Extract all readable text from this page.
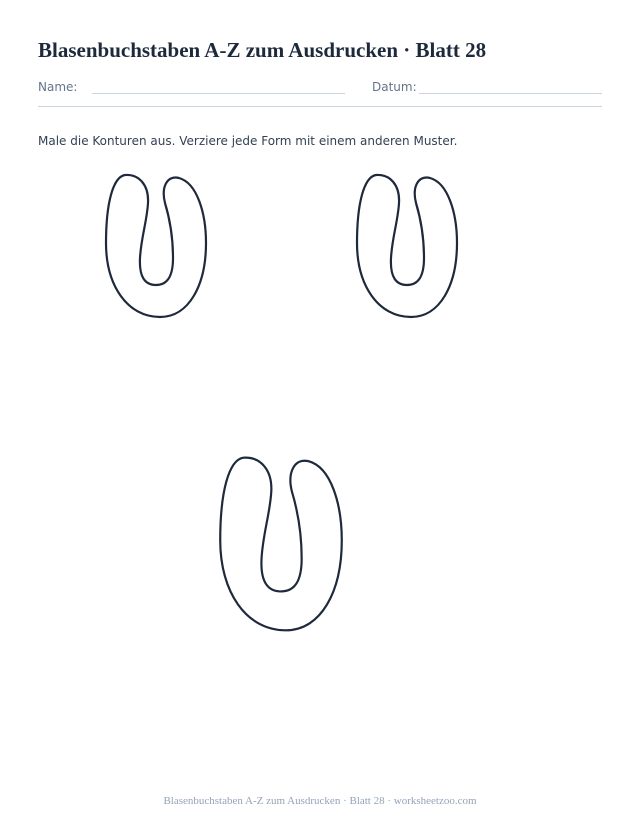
Blasenbuchstaben A-Z zum Ausdrucken · Blatt 28
Name:	Datum:

Male die Konturen aus. Verziere jede Form mit einem anderen Muster.

Blasenbuchstaben A-Z zum Ausdrucken · Blatt 28 · worksheetzoo.com
